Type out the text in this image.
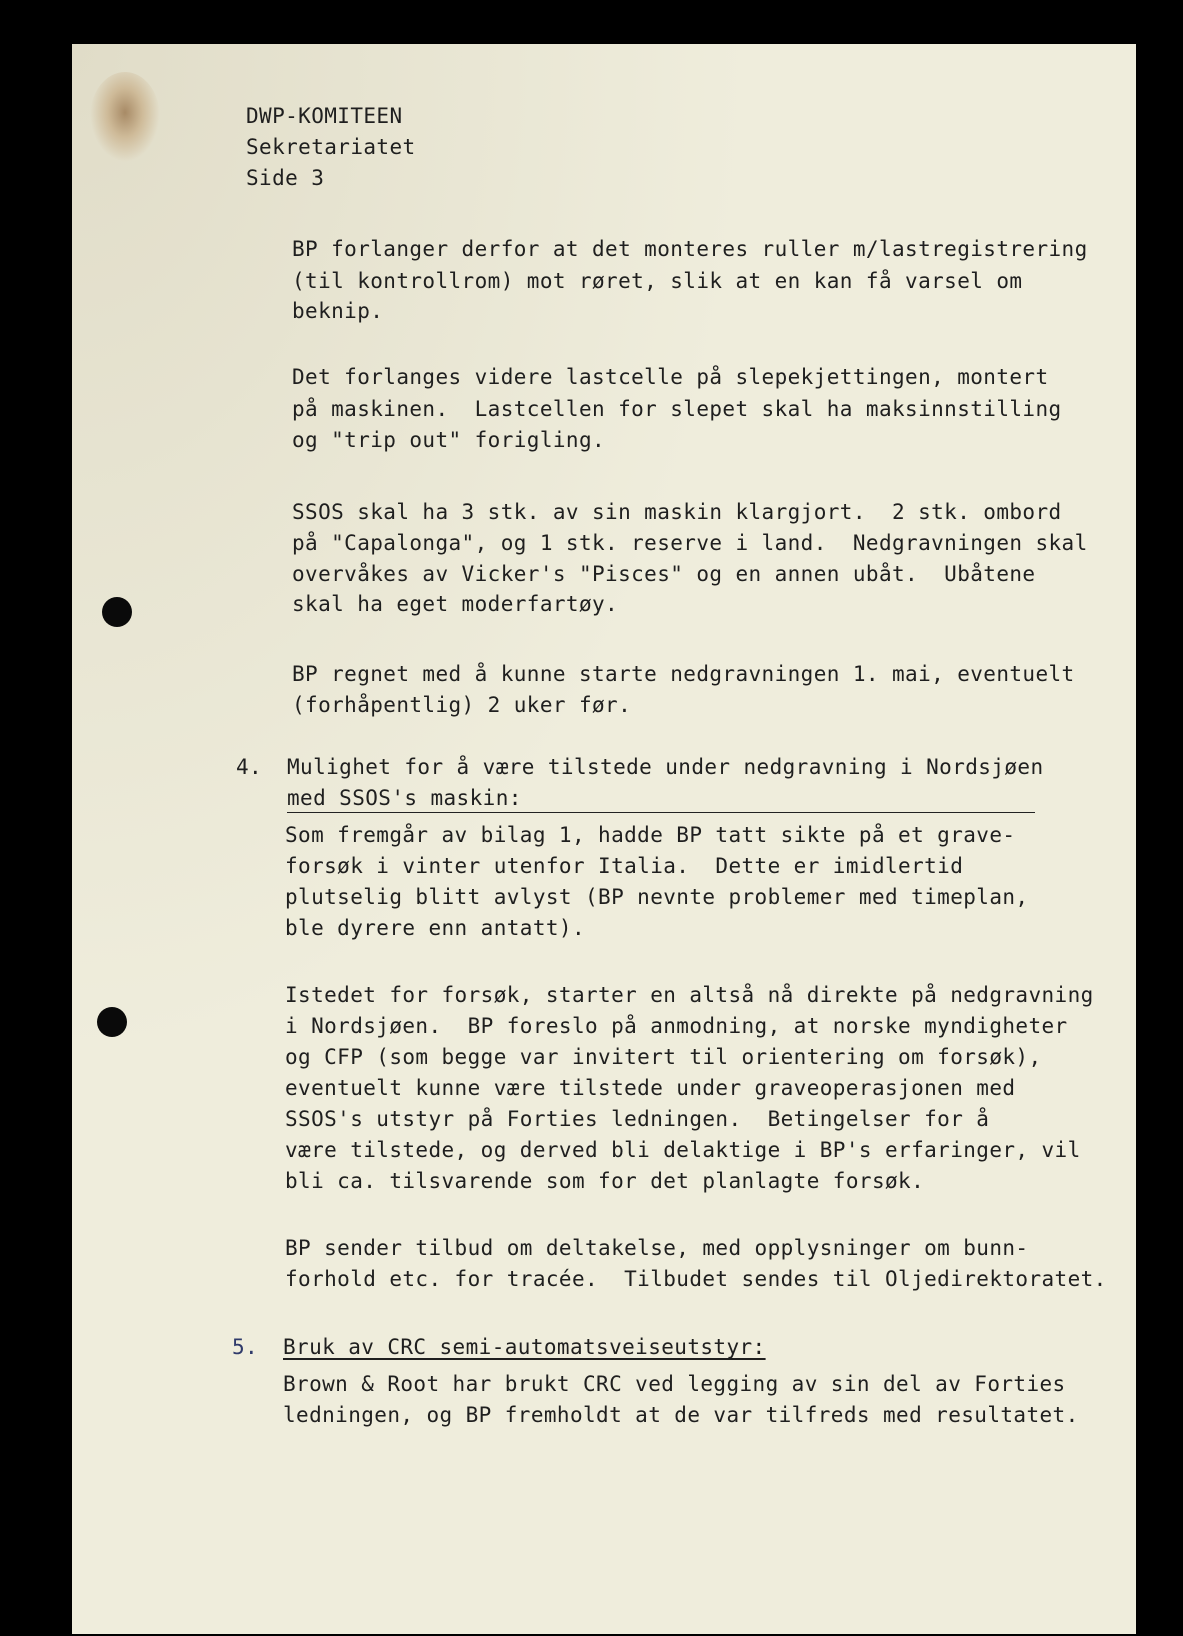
DWP-KOMITEEN
Sekretariatet
Side 3
BP forlanger derfor at det monteres ruller m/lastregistrering
(til kontrollrom) mot røret, slik at en kan få varsel om
beknip.
Det forlanges videre lastcelle på slepekjettingen, montert
på maskinen.  Lastcellen for slepet skal ha maksinnstilling
og "trip out" forigling.
SSOS skal ha 3 stk. av sin maskin klargjort.  2 stk. ombord
på "Capalonga", og 1 stk. reserve i land.  Nedgravningen skal
overvåkes av Vicker's "Pisces" og en annen ubåt.  Ubåtene
skal ha eget moderfartøy.
BP regnet med å kunne starte nedgravningen 1. mai, eventuelt
(forhåpentlig) 2 uker før.
4. Mulighet for å være tilstede under nedgravning i Nordsjøen
med SSOS's maskin:
Som fremgår av bilag 1, hadde BP tatt sikte på et grave-
forsøk i vinter utenfor Italia.  Dette er imidlertid
plutselig blitt avlyst (BP nevnte problemer med timeplan,
ble dyrere enn antatt).
Istedet for forsøk, starter en altså nå direkte på nedgravning
i Nordsjøen.  BP foreslo på anmodning, at norske myndigheter
og CFP (som begge var invitert til orientering om forsøk),
eventuelt kunne være tilstede under graveoperasjonen med
SSOS's utstyr på Forties ledningen.  Betingelser for å
være tilstede, og derved bli delaktige i BP's erfaringer, vil
bli ca. tilsvarende som for det planlagte forsøk.
BP sender tilbud om deltakelse, med opplysninger om bunn-
forhold etc. for tracée.  Tilbudet sendes til Oljedirektoratet.
5. Bruk av CRC semi-automatsveiseutstyr:
Brown & Root har brukt CRC ved legging av sin del av Forties
ledningen, og BP fremholdt at de var tilfreds med resultatet.
